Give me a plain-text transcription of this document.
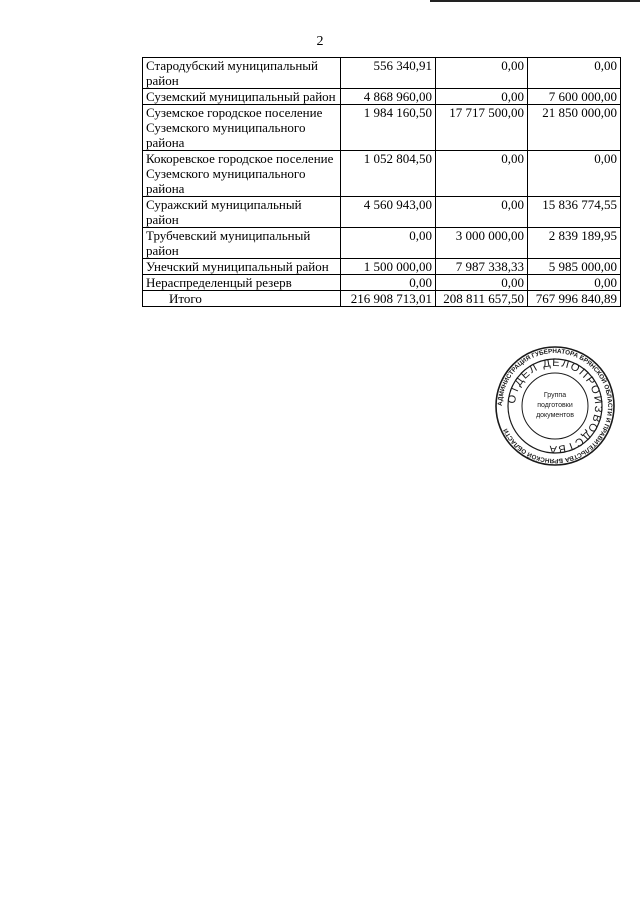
2
Стародубский муниципальный район	556 340,91	0,00	0,00
Суземский муниципальный район	4 868 960,00	0,00	7 600 000,00
Суземское городское поселение Суземского муниципального района	1 984 160,50	17 717 500,00	21 850 000,00
Кокоревское городское поселение Суземского муниципального района	1 052 804,50	0,00	0,00
Суражский муниципальный район	4 560 943,00	0,00	15 836 774,55
Трубчевский муниципальный район	0,00	3 000 000,00	2 839 189,95
Унечский муниципальный район	1 500 000,00	7 987 338,33	5 985 000,00
Нераспределенцый резерв	0,00	0,00	0,00
Итого	216 908 713,01	208 811 657,50	767 996 840,89
АДМИНИСТРАЦИЯ ГУБЕРНАТОРА БРЯНСКОЙ ОБЛАСТИ И ПРАВИТЕЛЬСТВА БРЯНСКОЙ ОБЛАСТИ
ОТДЕЛ ДЕЛОПРОИЗВОДСТВА
Группа
подготовки
документов
